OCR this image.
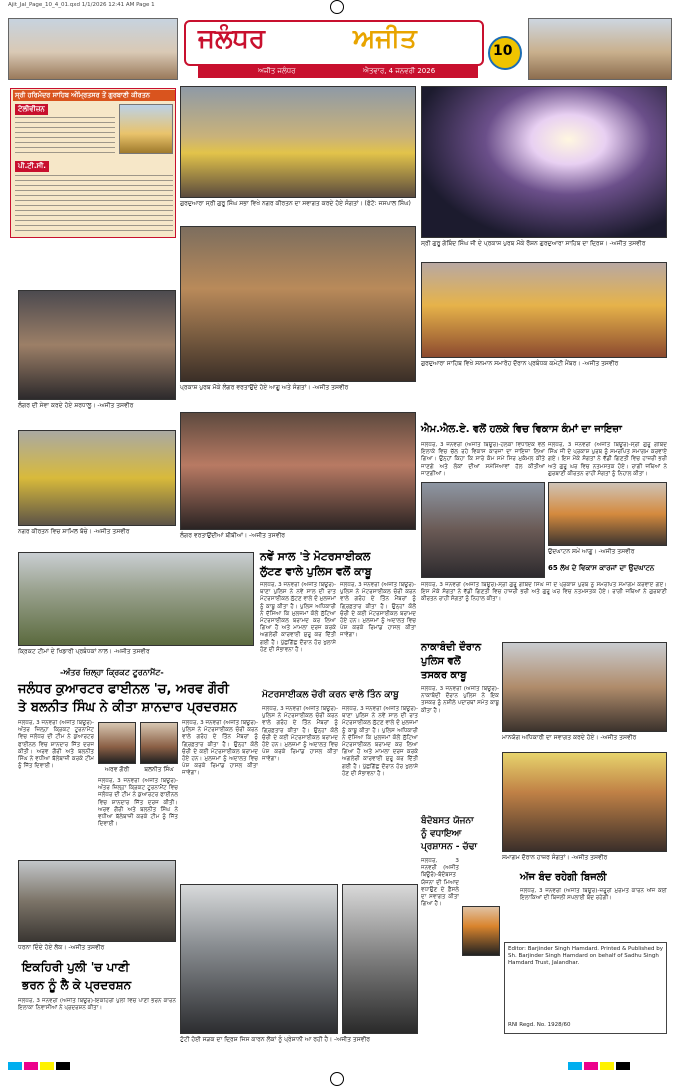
Ajit_Jal_Page_10_4_01.qxd 1/1/2026 12:41 AM Page 1
ਜਲੰਧਰ	ਅਜੀਤ
ਅਜੀਤ ਜਲੰਧਰ	ਐਤਵਾਰ, 4 ਜਨਵਰੀ 2026
10
ਸ੍ਰੀ ਹਰਿਮੰਦਰ ਸਾਹਿਬ ਅੰਮ੍ਰਿਤਸਰ ਤੋਂ ਗੁਰਬਾਣੀ ਕੀਰਤਨ
ਟੇਲੀਵੀਜ਼ਨ
ਪੀ.ਟੀ.ਸੀ.
ਗੁਰਦੁਆਰਾ ਸ੍ਰੀ ਗੁਰੂ ਸਿੰਘ ਸਭਾ ਵਿਖੇ ਨਗਰ ਕੀਰਤਨ ਦਾ ਸਵਾਗਤ ਕਰਦੇ ਹੋਏ ਸੰਗਤਾਂ। (ਫੋਟੋ: ਜਸਪਾਲ ਸਿੰਘ)
ਪ੍ਰਕਾਸ਼ ਪੁਰਬ ਮੌਕੇ ਲੰਗਰ ਵਰਤਾਉਂਦੇ ਹੋਏ ਆਗੂ ਅਤੇ ਸੰਗਤਾਂ। -ਅਜੀਤ ਤਸਵੀਰ
ਲੰਗਰ ਦੀ ਸੇਵਾ ਕਰਦੇ ਹੋਏ ਸ਼ਰਧਾਲੂ। -ਅਜੀਤ ਤਸਵੀਰ
ਸ੍ਰੀ ਗੁਰੂ ਗੋਬਿੰਦ ਸਿੰਘ ਜੀ ਦੇ ਪ੍ਰਕਾਸ਼ ਪੁਰਬ ਮੌਕੇ ਰੌਸ਼ਨ ਗੁਰਦੁਆਰਾ ਸਾਹਿਬ ਦਾ ਦ੍ਰਿਸ਼। -ਅਜੀਤ ਤਸਵੀਰ
ਗੁਰਦੁਆਰਾ ਸਾਹਿਬ ਵਿਖੇ ਸਨਮਾਨ ਸਮਾਰੋਹ ਦੌਰਾਨ ਪ੍ਰਬੰਧਕ ਕਮੇਟੀ ਮੈਂਬਰ। -ਅਜੀਤ ਤਸਵੀਰ
ਨਗਰ ਕੀਰਤਨ ਵਿਚ ਸ਼ਾਮਿਲ ਬੱਚੇ। -ਅਜੀਤ ਤਸਵੀਰ
ਲੰਗਰ ਵਰਤਾਉਂਦੀਆਂ ਬੀਬੀਆਂ। -ਅਜੀਤ ਤਸਵੀਰ
ਐਮ.ਐਲ.ਏ. ਵਲੋਂ ਹਲਕੇ ਵਿਚ ਵਿਕਾਸ ਕੰਮਾਂ ਦਾ ਜਾਇਜ਼ਾ
ਜਲੰਧਰ, 3 ਜਨਵਰੀ (ਅਜੀਤ ਬਿਊਰੋ)-ਹਲਕਾ ਵਿਧਾਇਕ ਵਲੋਂ ਇਲਾਕੇ ਵਿਚ ਚੱਲ ਰਹੇ ਵਿਕਾਸ ਕਾਰਜਾਂ ਦਾ ਜਾਇਜ਼ਾ ਲਿਆ ਗਿਆ। ਉਨ੍ਹਾਂ ਕਿਹਾ ਕਿ ਸਾਰੇ ਕੰਮ ਸਮੇਂ ਸਿਰ ਮੁਕੰਮਲ ਕੀਤੇ ਜਾਣਗੇ ਅਤੇ ਲੋਕਾਂ ਦੀਆਂ ਸਮੱਸਿਆਵਾਂ ਹੱਲ ਕੀਤੀਆਂ ਜਾਣਗੀਆਂ।
ਜਲੰਧਰ, 3 ਜਨਵਰੀ (ਅਜੀਤ ਬਿਊਰੋ)-ਸ੍ਰੀ ਗੁਰੂ ਗੋਬਿੰਦ ਸਿੰਘ ਜੀ ਦੇ ਪ੍ਰਕਾਸ਼ ਪੁਰਬ ਨੂੰ ਸਮਰਪਿਤ ਸਮਾਗਮ ਕਰਵਾਏ ਗਏ। ਇਸ ਮੌਕੇ ਸੰਗਤਾਂ ਨੇ ਵੱਡੀ ਗਿਣਤੀ ਵਿਚ ਹਾਜ਼ਰੀ ਭਰੀ ਅਤੇ ਗੁਰੂ ਘਰ ਵਿਚ ਨਤਮਸਤਕ ਹੋਏ। ਰਾਗੀ ਜਥਿਆਂ ਨੇ ਗੁਰਬਾਣੀ ਕੀਰਤਨ ਰਾਹੀਂ ਸੰਗਤਾਂ ਨੂੰ ਨਿਹਾਲ ਕੀਤਾ।
ਉਦਘਾਟਨ ਸਮੇਂ ਆਗੂ। -ਅਜੀਤ ਤਸਵੀਰ
65 ਲੱਖ ਦੇ ਵਿਕਾਸ ਕਾਰਜਾਂ ਦਾ ਉਦਘਾਟਨ
ਕ੍ਰਿਕਟ ਟੀਮਾਂ ਦੇ ਖਿਡਾਰੀ ਪ੍ਰਬੰਧਕਾਂ ਨਾਲ। -ਅਜੀਤ ਤਸਵੀਰ
ਨਵੇਂ ਸਾਲ 'ਤੇ ਮੋਟਰਸਾਈਕਲ
ਲੁੱਟਣ ਵਾਲੇ ਪੁਲਿਸ ਵਲੋਂ ਕਾਬੂ
ਜਲੰਧਰ, 3 ਜਨਵਰੀ (ਅਜੀਤ ਬਿਊਰੋ)-ਥਾਣਾ ਪੁਲਿਸ ਨੇ ਨਵੇਂ ਸਾਲ ਦੀ ਰਾਤ ਮੋਟਰਸਾਈਕਲ ਲੁੱਟਣ ਵਾਲੇ ਦੋ ਮੁਲਜ਼ਮਾਂ ਨੂੰ ਕਾਬੂ ਕੀਤਾ ਹੈ। ਪੁਲਿਸ ਅਧਿਕਾਰੀ ਨੇ ਦੱਸਿਆ ਕਿ ਮੁਲਜ਼ਮਾਂ ਕੋਲੋਂ ਲੁੱਟਿਆ ਮੋਟਰਸਾਈਕਲ ਬਰਾਮਦ ਕਰ ਲਿਆ ਗਿਆ ਹੈ ਅਤੇ ਮਾਮਲਾ ਦਰਜ ਕਰਕੇ ਅਗਲੇਰੀ ਕਾਰਵਾਈ ਸ਼ੁਰੂ ਕਰ ਦਿੱਤੀ ਗਈ ਹੈ। ਪੁੱਛਗਿੱਛ ਦੌਰਾਨ ਹੋਰ ਖੁਲਾਸੇ ਹੋਣ ਦੀ ਸੰਭਾਵਨਾ ਹੈ।
ਜਲੰਧਰ, 3 ਜਨਵਰੀ (ਅਜੀਤ ਬਿਊਰੋ)-ਪੁਲਿਸ ਨੇ ਮੋਟਰਸਾਈਕਲ ਚੋਰੀ ਕਰਨ ਵਾਲੇ ਗਰੋਹ ਦੇ ਤਿੰਨ ਮੈਂਬਰਾਂ ਨੂੰ ਗ੍ਰਿਫ਼ਤਾਰ ਕੀਤਾ ਹੈ। ਉਨ੍ਹਾਂ ਕੋਲੋਂ ਚੋਰੀ ਦੇ ਕਈ ਮੋਟਰਸਾਈਕਲ ਬਰਾਮਦ ਹੋਏ ਹਨ। ਮੁਲਜ਼ਮਾਂ ਨੂੰ ਅਦਾਲਤ ਵਿਚ ਪੇਸ਼ ਕਰਕੇ ਰਿਮਾਂਡ ਹਾਸਲ ਕੀਤਾ ਜਾਵੇਗਾ।
ਜਲੰਧਰ, 3 ਜਨਵਰੀ (ਅਜੀਤ ਬਿਊਰੋ)-ਸ੍ਰੀ ਗੁਰੂ ਗੋਬਿੰਦ ਸਿੰਘ ਜੀ ਦੇ ਪ੍ਰਕਾਸ਼ ਪੁਰਬ ਨੂੰ ਸਮਰਪਿਤ ਸਮਾਗਮ ਕਰਵਾਏ ਗਏ। ਇਸ ਮੌਕੇ ਸੰਗਤਾਂ ਨੇ ਵੱਡੀ ਗਿਣਤੀ ਵਿਚ ਹਾਜ਼ਰੀ ਭਰੀ ਅਤੇ ਗੁਰੂ ਘਰ ਵਿਚ ਨਤਮਸਤਕ ਹੋਏ। ਰਾਗੀ ਜਥਿਆਂ ਨੇ ਗੁਰਬਾਣੀ ਕੀਰਤਨ ਰਾਹੀਂ ਸੰਗਤਾਂ ਨੂੰ ਨਿਹਾਲ ਕੀਤਾ।
-ਅੰਤਰ ਜ਼ਿਲ੍ਹਾ ਕ੍ਰਿਕਟ ਟੂਰਨਾਮੈਂਟ-
ਜਲੰਧਰ ਕੁਆਰਟਰ ਫਾਈਨਲ 'ਚ, ਅਰਵ ਗੌਰੀ
ਤੇ ਬਲਨੀਤ ਸਿੰਘ ਨੇ ਕੀਤਾ ਸ਼ਾਨਦਾਰ ਪ੍ਰਦਰਸ਼ਨ
ਜਲੰਧਰ, 3 ਜਨਵਰੀ (ਅਜੀਤ ਬਿਊਰੋ)-ਅੰਤਰ ਜ਼ਿਲ੍ਹਾ ਕ੍ਰਿਕਟ ਟੂਰਨਾਮੈਂਟ ਵਿਚ ਜਲੰਧਰ ਦੀ ਟੀਮ ਨੇ ਕੁਆਰਟਰ ਫਾਈਨਲ ਵਿਚ ਸ਼ਾਨਦਾਰ ਜਿੱਤ ਦਰਜ ਕੀਤੀ। ਅਰਵ ਗੌਰੀ ਅਤੇ ਬਲਨੀਤ ਸਿੰਘ ਨੇ ਵਧੀਆ ਬੱਲੇਬਾਜ਼ੀ ਕਰਕੇ ਟੀਮ ਨੂੰ ਜਿੱਤ ਦਿਵਾਈ।	ਅਰਵ ਗੌਰੀ	ਬਲਨੀਤ ਸਿੰਘ
ਜਲੰਧਰ, 3 ਜਨਵਰੀ (ਅਜੀਤ ਬਿਊਰੋ)-ਅੰਤਰ ਜ਼ਿਲ੍ਹਾ ਕ੍ਰਿਕਟ ਟੂਰਨਾਮੈਂਟ ਵਿਚ ਜਲੰਧਰ ਦੀ ਟੀਮ ਨੇ ਕੁਆਰਟਰ ਫਾਈਨਲ ਵਿਚ ਸ਼ਾਨਦਾਰ ਜਿੱਤ ਦਰਜ ਕੀਤੀ। ਅਰਵ ਗੌਰੀ ਅਤੇ ਬਲਨੀਤ ਸਿੰਘ ਨੇ ਵਧੀਆ ਬੱਲੇਬਾਜ਼ੀ ਕਰਕੇ ਟੀਮ ਨੂੰ ਜਿੱਤ ਦਿਵਾਈ।
ਜਲੰਧਰ, 3 ਜਨਵਰੀ (ਅਜੀਤ ਬਿਊਰੋ)-ਪੁਲਿਸ ਨੇ ਮੋਟਰਸਾਈਕਲ ਚੋਰੀ ਕਰਨ ਵਾਲੇ ਗਰੋਹ ਦੇ ਤਿੰਨ ਮੈਂਬਰਾਂ ਨੂੰ ਗ੍ਰਿਫ਼ਤਾਰ ਕੀਤਾ ਹੈ। ਉਨ੍ਹਾਂ ਕੋਲੋਂ ਚੋਰੀ ਦੇ ਕਈ ਮੋਟਰਸਾਈਕਲ ਬਰਾਮਦ ਹੋਏ ਹਨ। ਮੁਲਜ਼ਮਾਂ ਨੂੰ ਅਦਾਲਤ ਵਿਚ ਪੇਸ਼ ਕਰਕੇ ਰਿਮਾਂਡ ਹਾਸਲ ਕੀਤਾ ਜਾਵੇਗਾ।
ਮੋਟਰਸਾਈਕਲ ਚੋਰੀ ਕਰਨ ਵਾਲੇ ਤਿੰਨ ਕਾਬੂ
ਜਲੰਧਰ, 3 ਜਨਵਰੀ (ਅਜੀਤ ਬਿਊਰੋ)-ਪੁਲਿਸ ਨੇ ਮੋਟਰਸਾਈਕਲ ਚੋਰੀ ਕਰਨ ਵਾਲੇ ਗਰੋਹ ਦੇ ਤਿੰਨ ਮੈਂਬਰਾਂ ਨੂੰ ਗ੍ਰਿਫ਼ਤਾਰ ਕੀਤਾ ਹੈ। ਉਨ੍ਹਾਂ ਕੋਲੋਂ ਚੋਰੀ ਦੇ ਕਈ ਮੋਟਰਸਾਈਕਲ ਬਰਾਮਦ ਹੋਏ ਹਨ। ਮੁਲਜ਼ਮਾਂ ਨੂੰ ਅਦਾਲਤ ਵਿਚ ਪੇਸ਼ ਕਰਕੇ ਰਿਮਾਂਡ ਹਾਸਲ ਕੀਤਾ ਜਾਵੇਗਾ।
ਜਲੰਧਰ, 3 ਜਨਵਰੀ (ਅਜੀਤ ਬਿਊਰੋ)-ਥਾਣਾ ਪੁਲਿਸ ਨੇ ਨਵੇਂ ਸਾਲ ਦੀ ਰਾਤ ਮੋਟਰਸਾਈਕਲ ਲੁੱਟਣ ਵਾਲੇ ਦੋ ਮੁਲਜ਼ਮਾਂ ਨੂੰ ਕਾਬੂ ਕੀਤਾ ਹੈ। ਪੁਲਿਸ ਅਧਿਕਾਰੀ ਨੇ ਦੱਸਿਆ ਕਿ ਮੁਲਜ਼ਮਾਂ ਕੋਲੋਂ ਲੁੱਟਿਆ ਮੋਟਰਸਾਈਕਲ ਬਰਾਮਦ ਕਰ ਲਿਆ ਗਿਆ ਹੈ ਅਤੇ ਮਾਮਲਾ ਦਰਜ ਕਰਕੇ ਅਗਲੇਰੀ ਕਾਰਵਾਈ ਸ਼ੁਰੂ ਕਰ ਦਿੱਤੀ ਗਈ ਹੈ। ਪੁੱਛਗਿੱਛ ਦੌਰਾਨ ਹੋਰ ਖੁਲਾਸੇ ਹੋਣ ਦੀ ਸੰਭਾਵਨਾ ਹੈ।
ਨਾਕਾਬੰਦੀ ਦੌਰਾਨ
ਪੁਲਿਸ ਵਲੋਂ
ਤਸਕਰ ਕਾਬੂ
ਜਲੰਧਰ, 3 ਜਨਵਰੀ (ਅਜੀਤ ਬਿਊਰੋ)-ਨਾਕਾਬੰਦੀ ਦੌਰਾਨ ਪੁਲਿਸ ਨੇ ਇਕ ਤਸਕਰ ਨੂੰ ਨਸ਼ੀਲੇ ਪਦਾਰਥਾਂ ਸਮੇਤ ਕਾਬੂ ਕੀਤਾ ਹੈ।
ਮਾਨਯੋਗ ਅਧਿਕਾਰੀ ਦਾ ਸਵਾਗਤ ਕਰਦੇ ਹੋਏ। -ਅਜੀਤ ਤਸਵੀਰ
ਸਮਾਗਮ ਦੌਰਾਨ ਹਾਜ਼ਰ ਸੰਗਤਾਂ। -ਅਜੀਤ ਤਸਵੀਰ
ਬੰਦੋਬਸਤ ਯੋਜਨਾ
ਨੂੰ ਵਧਾਇਆ
ਪ੍ਰਸ਼ਾਸਨ - ਚੱਢਾ
ਜਲੰਧਰ, 3 ਜਨਵਰੀ (ਅਜੀਤ ਬਿਊਰੋ)-ਬੰਦੋਬਸਤ ਯੋਜਨਾ ਦੀ ਮਿਆਦ ਵਧਾਉਣ ਦੇ ਫ਼ੈਸਲੇ ਦਾ ਸਵਾਗਤ ਕੀਤਾ ਗਿਆ ਹੈ।
ਅੱਜ ਬੰਦ ਰਹੇਗੀ ਬਿਜਲੀ
ਜਲੰਧਰ, 3 ਜਨਵਰੀ (ਅਜੀਤ ਬਿਊਰੋ)-ਜ਼ਰੂਰੀ ਮੁਰੰਮਤ ਕਾਰਨ ਅੱਜ ਕਈ ਇਲਾਕਿਆਂ ਦੀ ਬਿਜਲੀ ਸਪਲਾਈ ਬੰਦ ਰਹੇਗੀ।
Editor: Barjinder Singh Hamdard. Printed & Published by Sh. Barjinder Singh Hamdard on behalf of Sadhu Singh Hamdard Trust, Jalandhar.
RNI Regd. No. 1928/60
ਧਰਨਾ ਦਿੰਦੇ ਹੋਏ ਲੋਕ। -ਅਜੀਤ ਤਸਵੀਰ
ਇਕਹਿਰੀ ਪੁਲੀ 'ਚ ਪਾਣੀ
ਭਰਨ ਨੂੰ ਲੈ ਕੇ ਪ੍ਰਦਰਸ਼ਨ
ਜਲੰਧਰ, 3 ਜਨਵਰੀ (ਅਜੀਤ ਬਿਊਰੋ)-ਇਕਹਿਰੀ ਪੁਲੀ ਵਿਚ ਪਾਣੀ ਭਰਨ ਕਾਰਨ ਇਲਾਕਾ ਨਿਵਾਸੀਆਂ ਨੇ ਪ੍ਰਦਰਸ਼ਨ ਕੀਤਾ।
ਟੁੱਟੀ ਹੋਈ ਸੜਕ ਦਾ ਦ੍ਰਿਸ਼ ਜਿਸ ਕਾਰਨ ਲੋਕਾਂ ਨੂੰ ਪ੍ਰੇਸ਼ਾਨੀ ਆ ਰਹੀ ਹੈ। -ਅਜੀਤ ਤਸਵੀਰ
